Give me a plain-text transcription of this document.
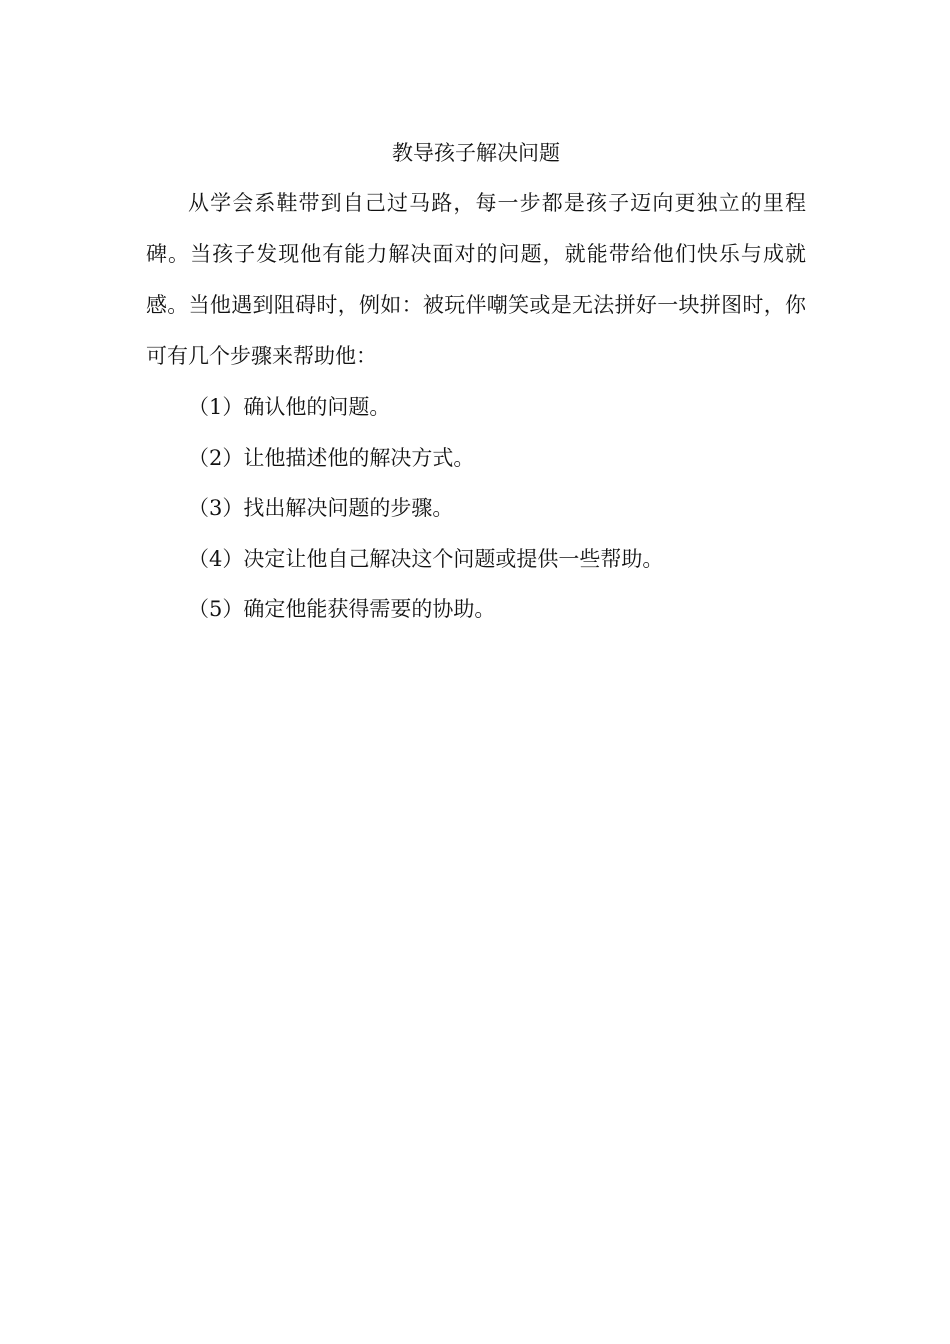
教导孩子解决问题

从学会系鞋带到自己过马路，每一步都是孩子迈向更独立的里程碑。当孩子发现他有能力解决面对的问题，就能带给他们快乐与成就感。当他遇到阻碍时，例如：被玩伴嘲笑或是无法拼好一块拼图时，你可有几个步骤来帮助他：

（1）确认他的问题。
（2）让他描述他的解决方式。
（3）找出解决问题的步骤。
（4）决定让他自己解决这个问题或提供一些帮助。
（5）确定他能获得需要的协助。
